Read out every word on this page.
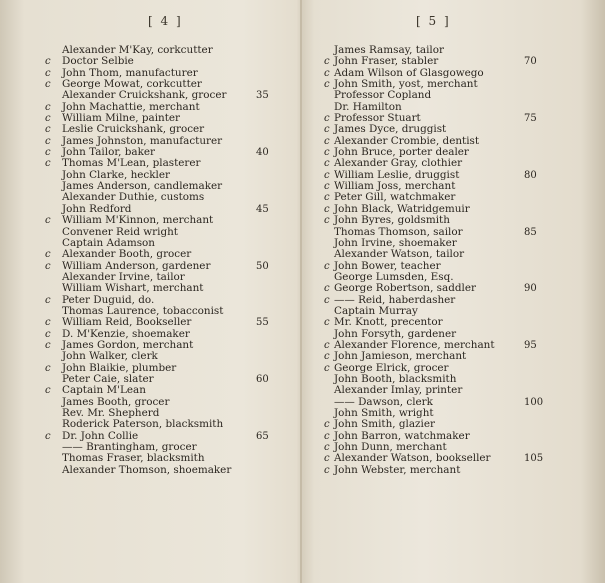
[ 4 ]
Alexander M'Kay, corkcutter
c Doctor Selbie
c John Thom, manufacturer
c George Mowat, corkcutter
Alexander Cruickshank, grocer	35
c John Machattie, merchant
c William Milne, painter
c Leslie Cruickshank, grocer
c James Johnston, manufacturer
c John Tailor, baker	40
c Thomas M'Lean, plasterer
John Clarke, heckler
James Anderson, candlemaker
Alexander Duthie, customs
John Redford	45
c William M'Kinnon, merchant
Convener Reid wright
Captain Adamson
c Alexander Booth, grocer
c William Anderson, gardener	50
Alexander Irvine, tailor
William Wishart, merchant
c Peter Duguid, do.
Thomas Laurence, tobacconist
c William Reid, Bookseller	55
c D. M'Kenzie, shoemaker
c James Gordon, merchant
John Walker, clerk
c John Blaikie, plumber
Peter Caie, slater	60
c Captain M'Lean
James Booth, grocer
Rev. Mr. Shepherd
Roderick Paterson, blacksmith
c Dr. John Collie	65
—— Brantingham, grocer
Thomas Fraser, blacksmith
Alexander Thomson, shoemaker
[ 5 ]
James Ramsay, tailor
c John Fraser, stabler	70
c Adam Wilson of Glasgowego
c John Smith, yost, merchant
Professor Copland
Dr. Hamilton
c Professor Stuart	75
c James Dyce, druggist
c Alexander Crombie, dentist
c John Bruce, porter dealer
c Alexander Gray, clothier
c William Leslie, druggist	80
c William Joss, merchant
c Peter Gill, watchmaker
c John Black, Watridgemuir
c John Byres, goldsmith
Thomas Thomson, sailor	85
John Irvine, shoemaker
Alexander Watson, tailor
c John Bower, teacher
George Lumsden, Esq.
c George Robertson, saddler	90
c —— Reid, haberdasher
Captain Murray
c Mr. Knott, precentor
John Forsyth, gardener
c Alexander Florence, merchant	95
c John Jamieson, merchant
c George Elrick, grocer
John Booth, blacksmith
Alexander Imlay, printer
—— Dawson, clerk	100
John Smith, wright
c John Smith, glazier
c John Barron, watchmaker
c John Dunn, merchant
c Alexander Watson, bookseller	105
c John Webster, merchant
